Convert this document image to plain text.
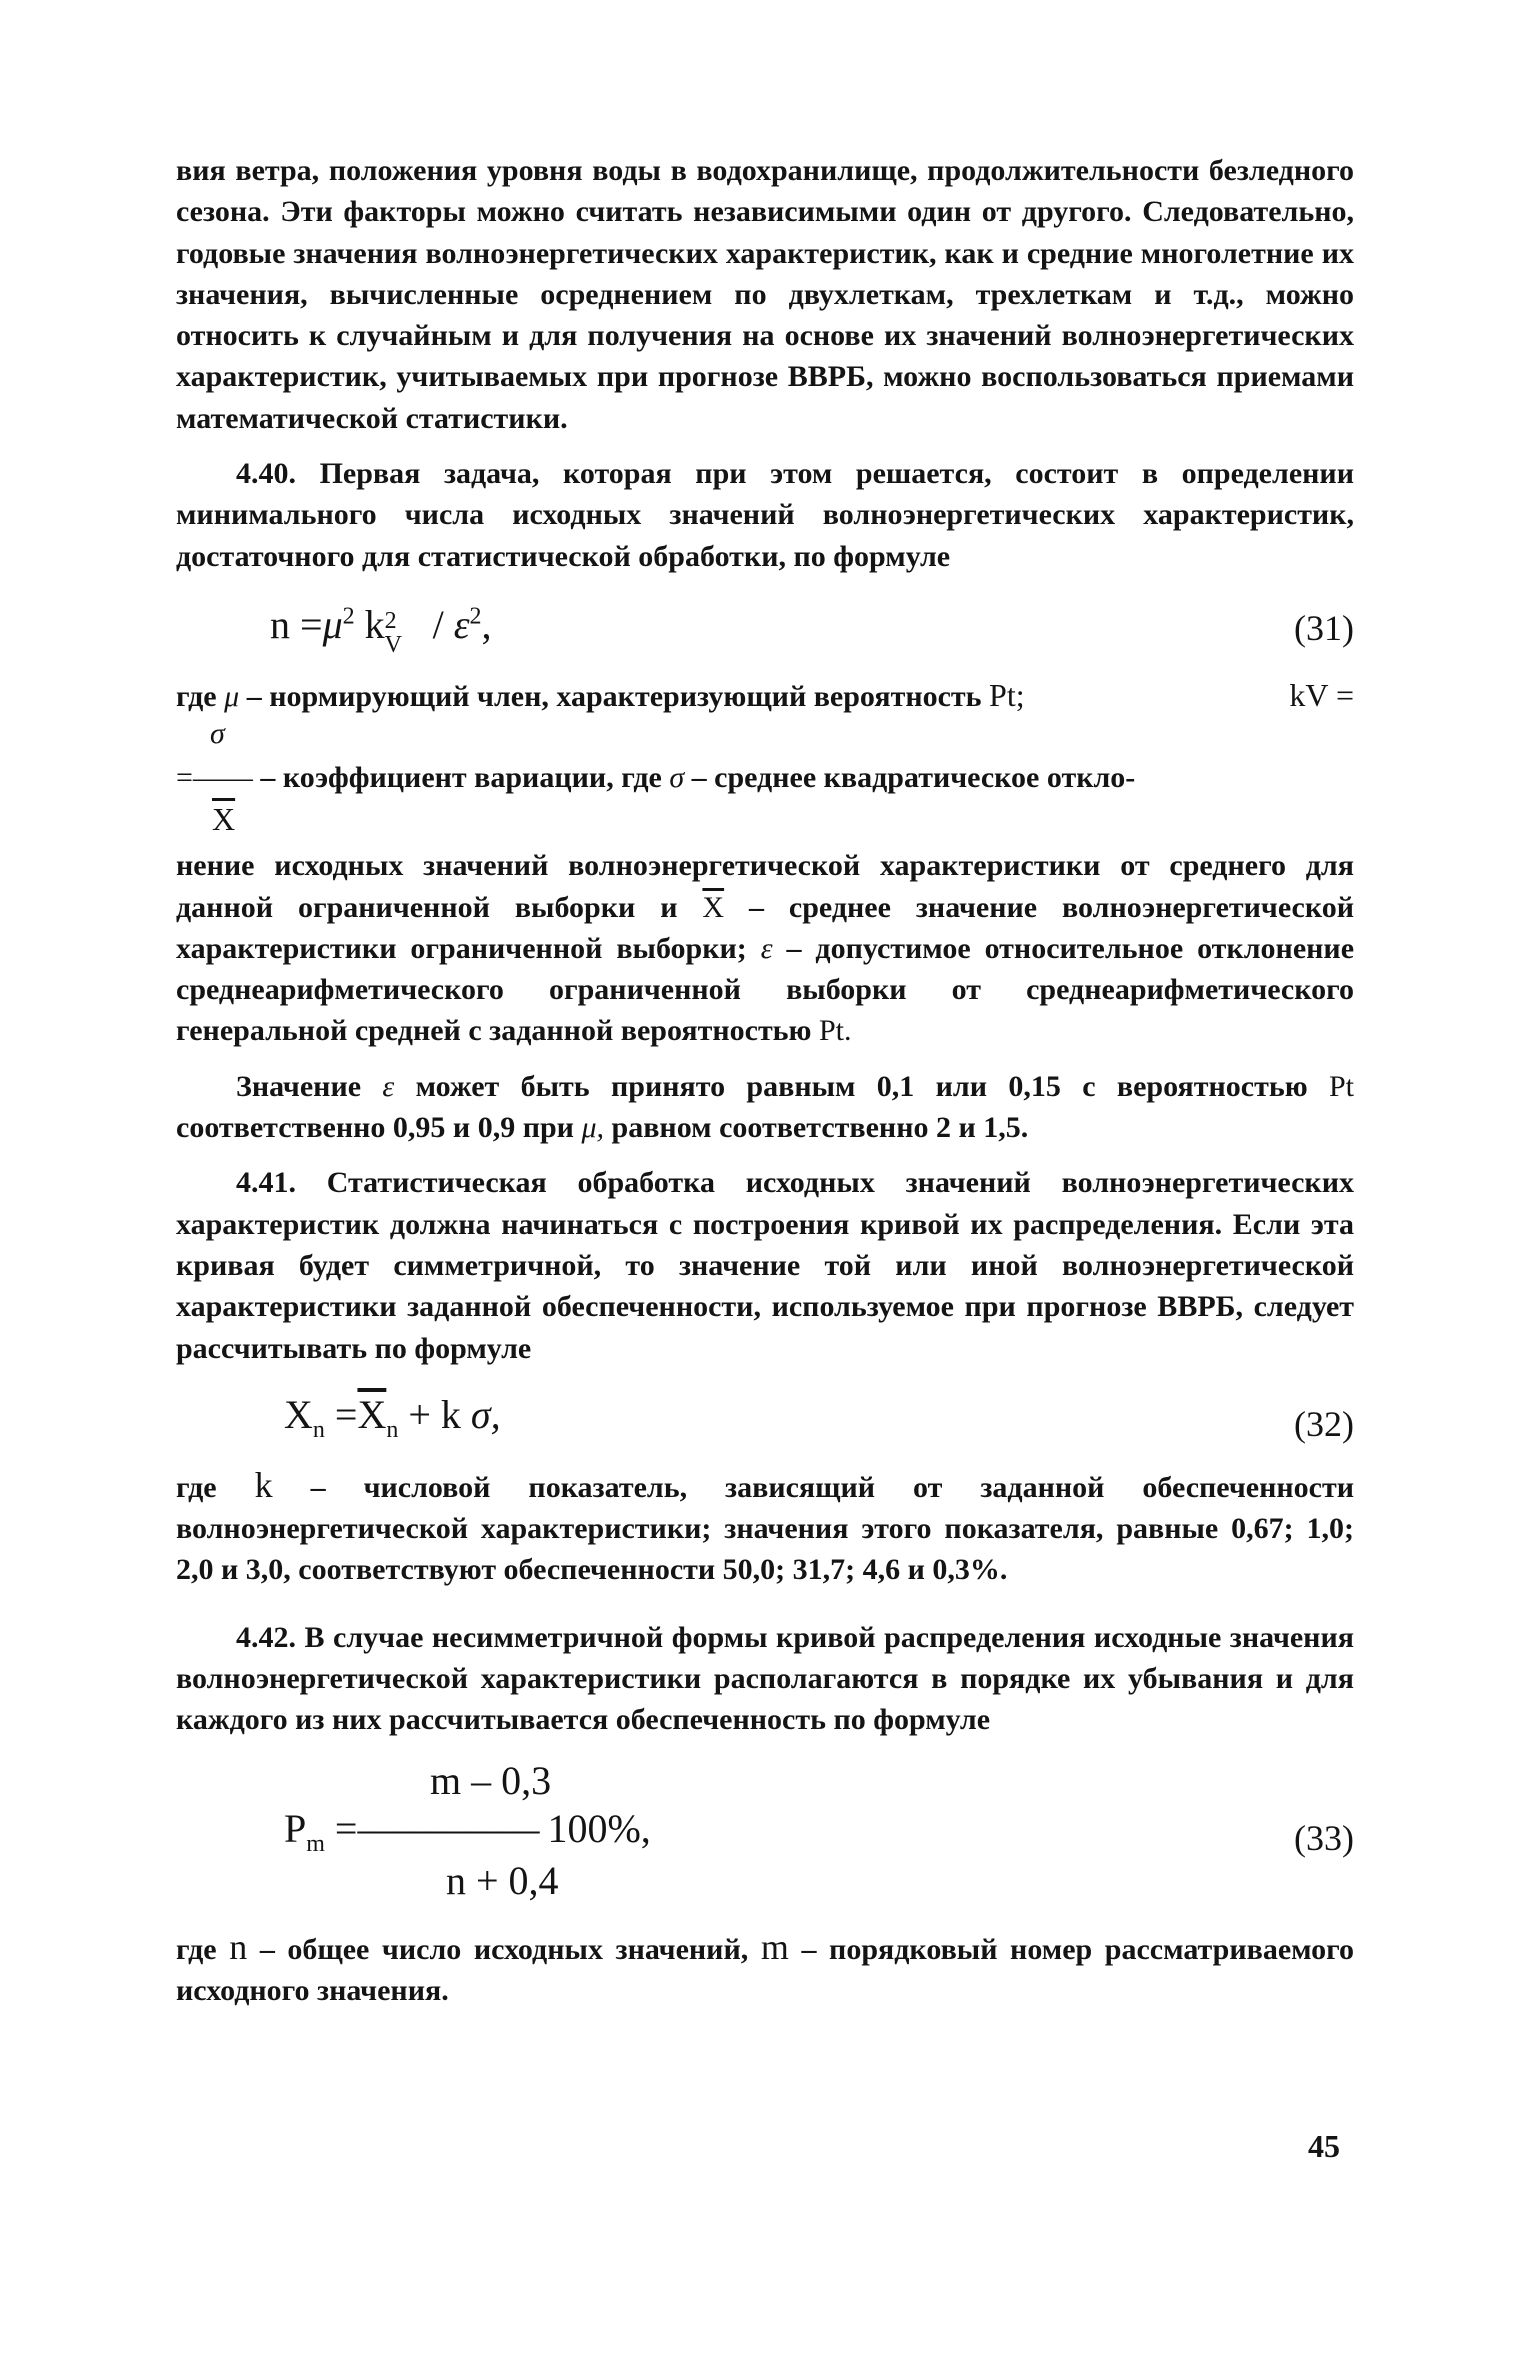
вия ветра, положения уровня воды в водохранилище, продолжительности безледного сезона. Эти факторы можно считать независимыми один от другого. Следовательно, годовые значения волноэнергетических характеристик, как и средние многолетние их значения, вычисленные осреднением по двухлеткам, трехлеткам и т.д., можно относить к случайным и для получения на основе их значений волноэнергетических характеристик, учитываемых при прогнозе ВВРБ, можно воспользоваться приемами математической статистики.

4.40. Первая задача, которая при этом решается, состоит в определении минимального числа исходных значений волноэнергетических характеристик, достаточного для статистической обработки, по формуле

$n =\mu^2$ k 2
V / $\varepsilon^2$,	(31)

где μ – нормирующий член, характеризующий вероятность Pt;	kV =

σ

=–––– – коэффициент вариации, где σ – среднее квадратическое откло-

$\overline{X}$

нение исходных значений волноэнергетической характеристики от среднего для данной ограниченной выборки и $\overline{X}$ – среднее значение волноэнергетической характеристики ограниченной выборки; ε – допустимое относительное отклонение среднеарифметического ограниченной выборки от среднеарифметического генеральной средней с заданной вероятностью Pt.

Значение ε может быть принято равным 0,1 или 0,15 с вероятностью Pt соответственно 0,95 и 0,9 при μ, равном соответственно 2 и 1,5.

4.41. Статистическая обработка исходных значений волноэнергетических характеристик должна начинаться с построения кривой их распределения. Если эта кривая будет симметричной, то значение той или иной волноэнергетической характеристики заданной обеспеченности, используемое при прогнозе ВВРБ, следует рассчитывать по формуле

$X_n =\overline{X}_n + k$ σ,	(32)

где k – числовой показатель, зависящий от заданной обеспеченности волноэнергетической характеристики; значения этого показателя, равные 0,67; 1,0; 2,0 и 3,0, соответствуют обеспеченности 50,0; 31,7; 4,6 и 0,3%.

4.42. В случае несимметричной формы кривой распределения исходные значения волноэнергетической характеристики располагаются в порядке их убывания и для каждого из них рассчитывается обеспеченность по формуле

m – 0,3
$P_m$ =–––––––––– 100%,
n + 0,4
(33)

где n – общее число исходных значений, m – порядковый номер рассматриваемого исходного значения.

45
